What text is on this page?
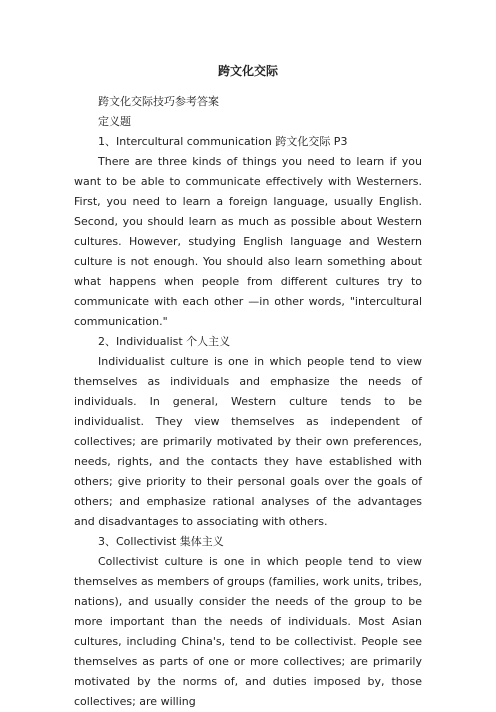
跨文化交际
跨文化交际技巧参考答案
定义题
1、Intercultural communication 跨文化交际 P3

There are three kinds of things you need to learn if you want to be able to communicate effectively with Westerners. First, you need to learn a foreign language, usually English. Second, you should learn as much as possible about Western cultures. However, studying English language and Western culture is not enough. You should also learn something about what happens when people from different cultures try to communicate with each other —in other words, "intercultural communication."

2、Individualist 个人主义

Individualist culture is one in which people tend to view themselves as individuals and emphasize the needs of individuals. In general, Western culture tends to be individualist. They view themselves as independent of collectives; are primarily motivated by their own preferences, needs, rights, and the contacts they have established with others; give priority to their personal goals over the goals of others; and emphasize rational analyses of the advantages and disadvantages to associating with others.

3、Collectivist 集体主义

Collectivist culture is one in which people tend to view themselves as members of groups (families, work units, tribes, nations), and usually consider the needs of the group to be more important than the needs of individuals. Most Asian cultures, including China's, tend to be collectivist. People see themselves as parts of one or more collectives; are primarily motivated by the norms of, and duties imposed by, those collectives; are willing
